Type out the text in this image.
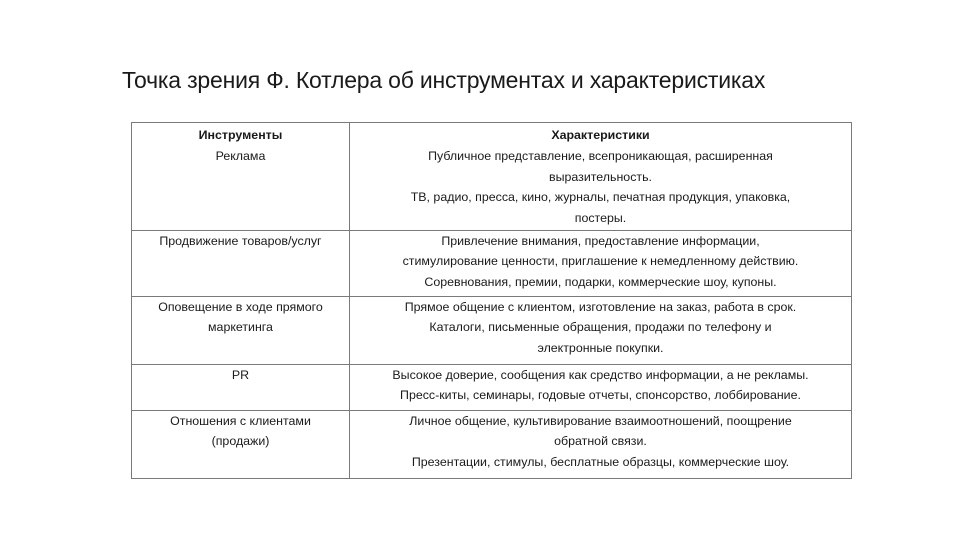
Точка зрения Ф. Котлера об инструментах и характеристиках
Инструменты	Характеристики

Реклама	Публичное представление, всепроникающая, расширенная
выразительность.
ТВ, радио, пресса, кино, журналы, печатная продукция, упаковка,
постеры.

Продвижение товаров/услуг	Привлечение внимания, предоставление информации,
стимулирование ценности, приглашение к немедленному действию.
Соревнования, премии, подарки, коммерческие шоу, купоны.

Оповещение в ходе прямого
маркетинга	Прямое общение с клиентом, изготовление на заказ, работа в срок.
Каталоги, письменные обращения, продажи по телефону и
электронные покупки.

PR	Высокое доверие, сообщения как средство информации, а не рекламы.
Пресс-киты, семинары, годовые отчеты, спонсорство, лоббирование.

Отношения с клиентами
(продажи)	Личное общение, культивирование взаимоотношений, поощрение
обратной связи.
Презентации, стимулы, бесплатные образцы, коммерческие шоу.
